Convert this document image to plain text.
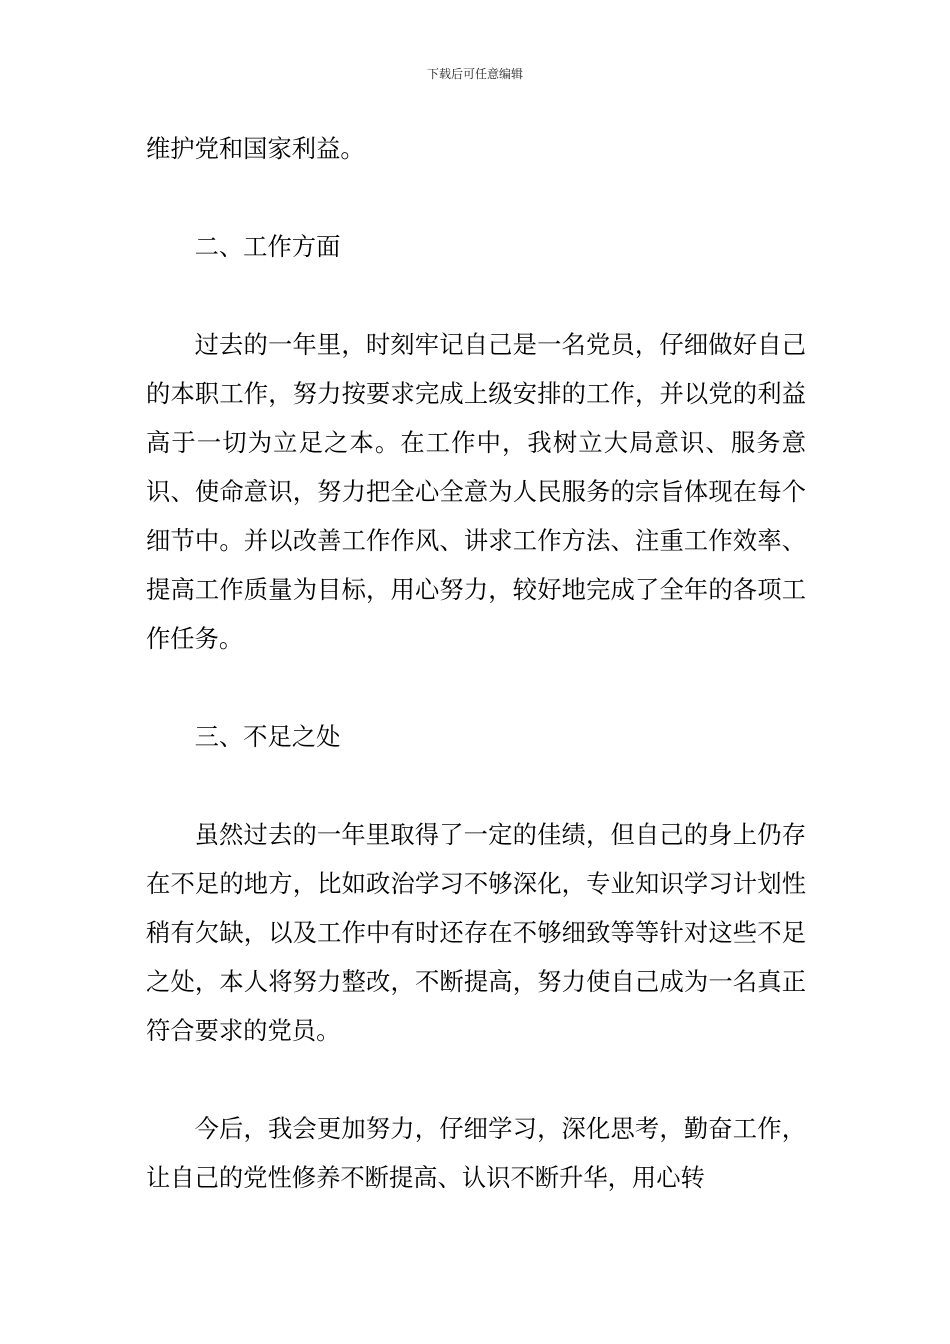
下载后可任意编辑

维护党和国家利益。

二、工作方面

过去的一年里，时刻牢记自己是一名党员，仔细做好自己的本职工作，努力按要求完成上级安排的工作，并以党的利益高于一切为立足之本。在工作中，我树立大局意识、服务意识、使命意识，努力把全心全意为人民服务的宗旨体现在每个细节中。并以改善工作作风、讲求工作方法、注重工作效率、提高工作质量为目标，用心努力，较好地完成了全年的各项工作任务。

三、不足之处

虽然过去的一年里取得了一定的佳绩，但自己的身上仍存在不足的地方，比如政治学习不够深化，专业知识学习计划性稍有欠缺，以及工作中有时还存在不够细致等等针对这些不足之处，本人将努力整改，不断提高，努力使自己成为一名真正符合要求的党员。

今后，我会更加努力，仔细学习，深化思考，勤奋工作，让自己的党性修养不断提高、认识不断升华，用心转
